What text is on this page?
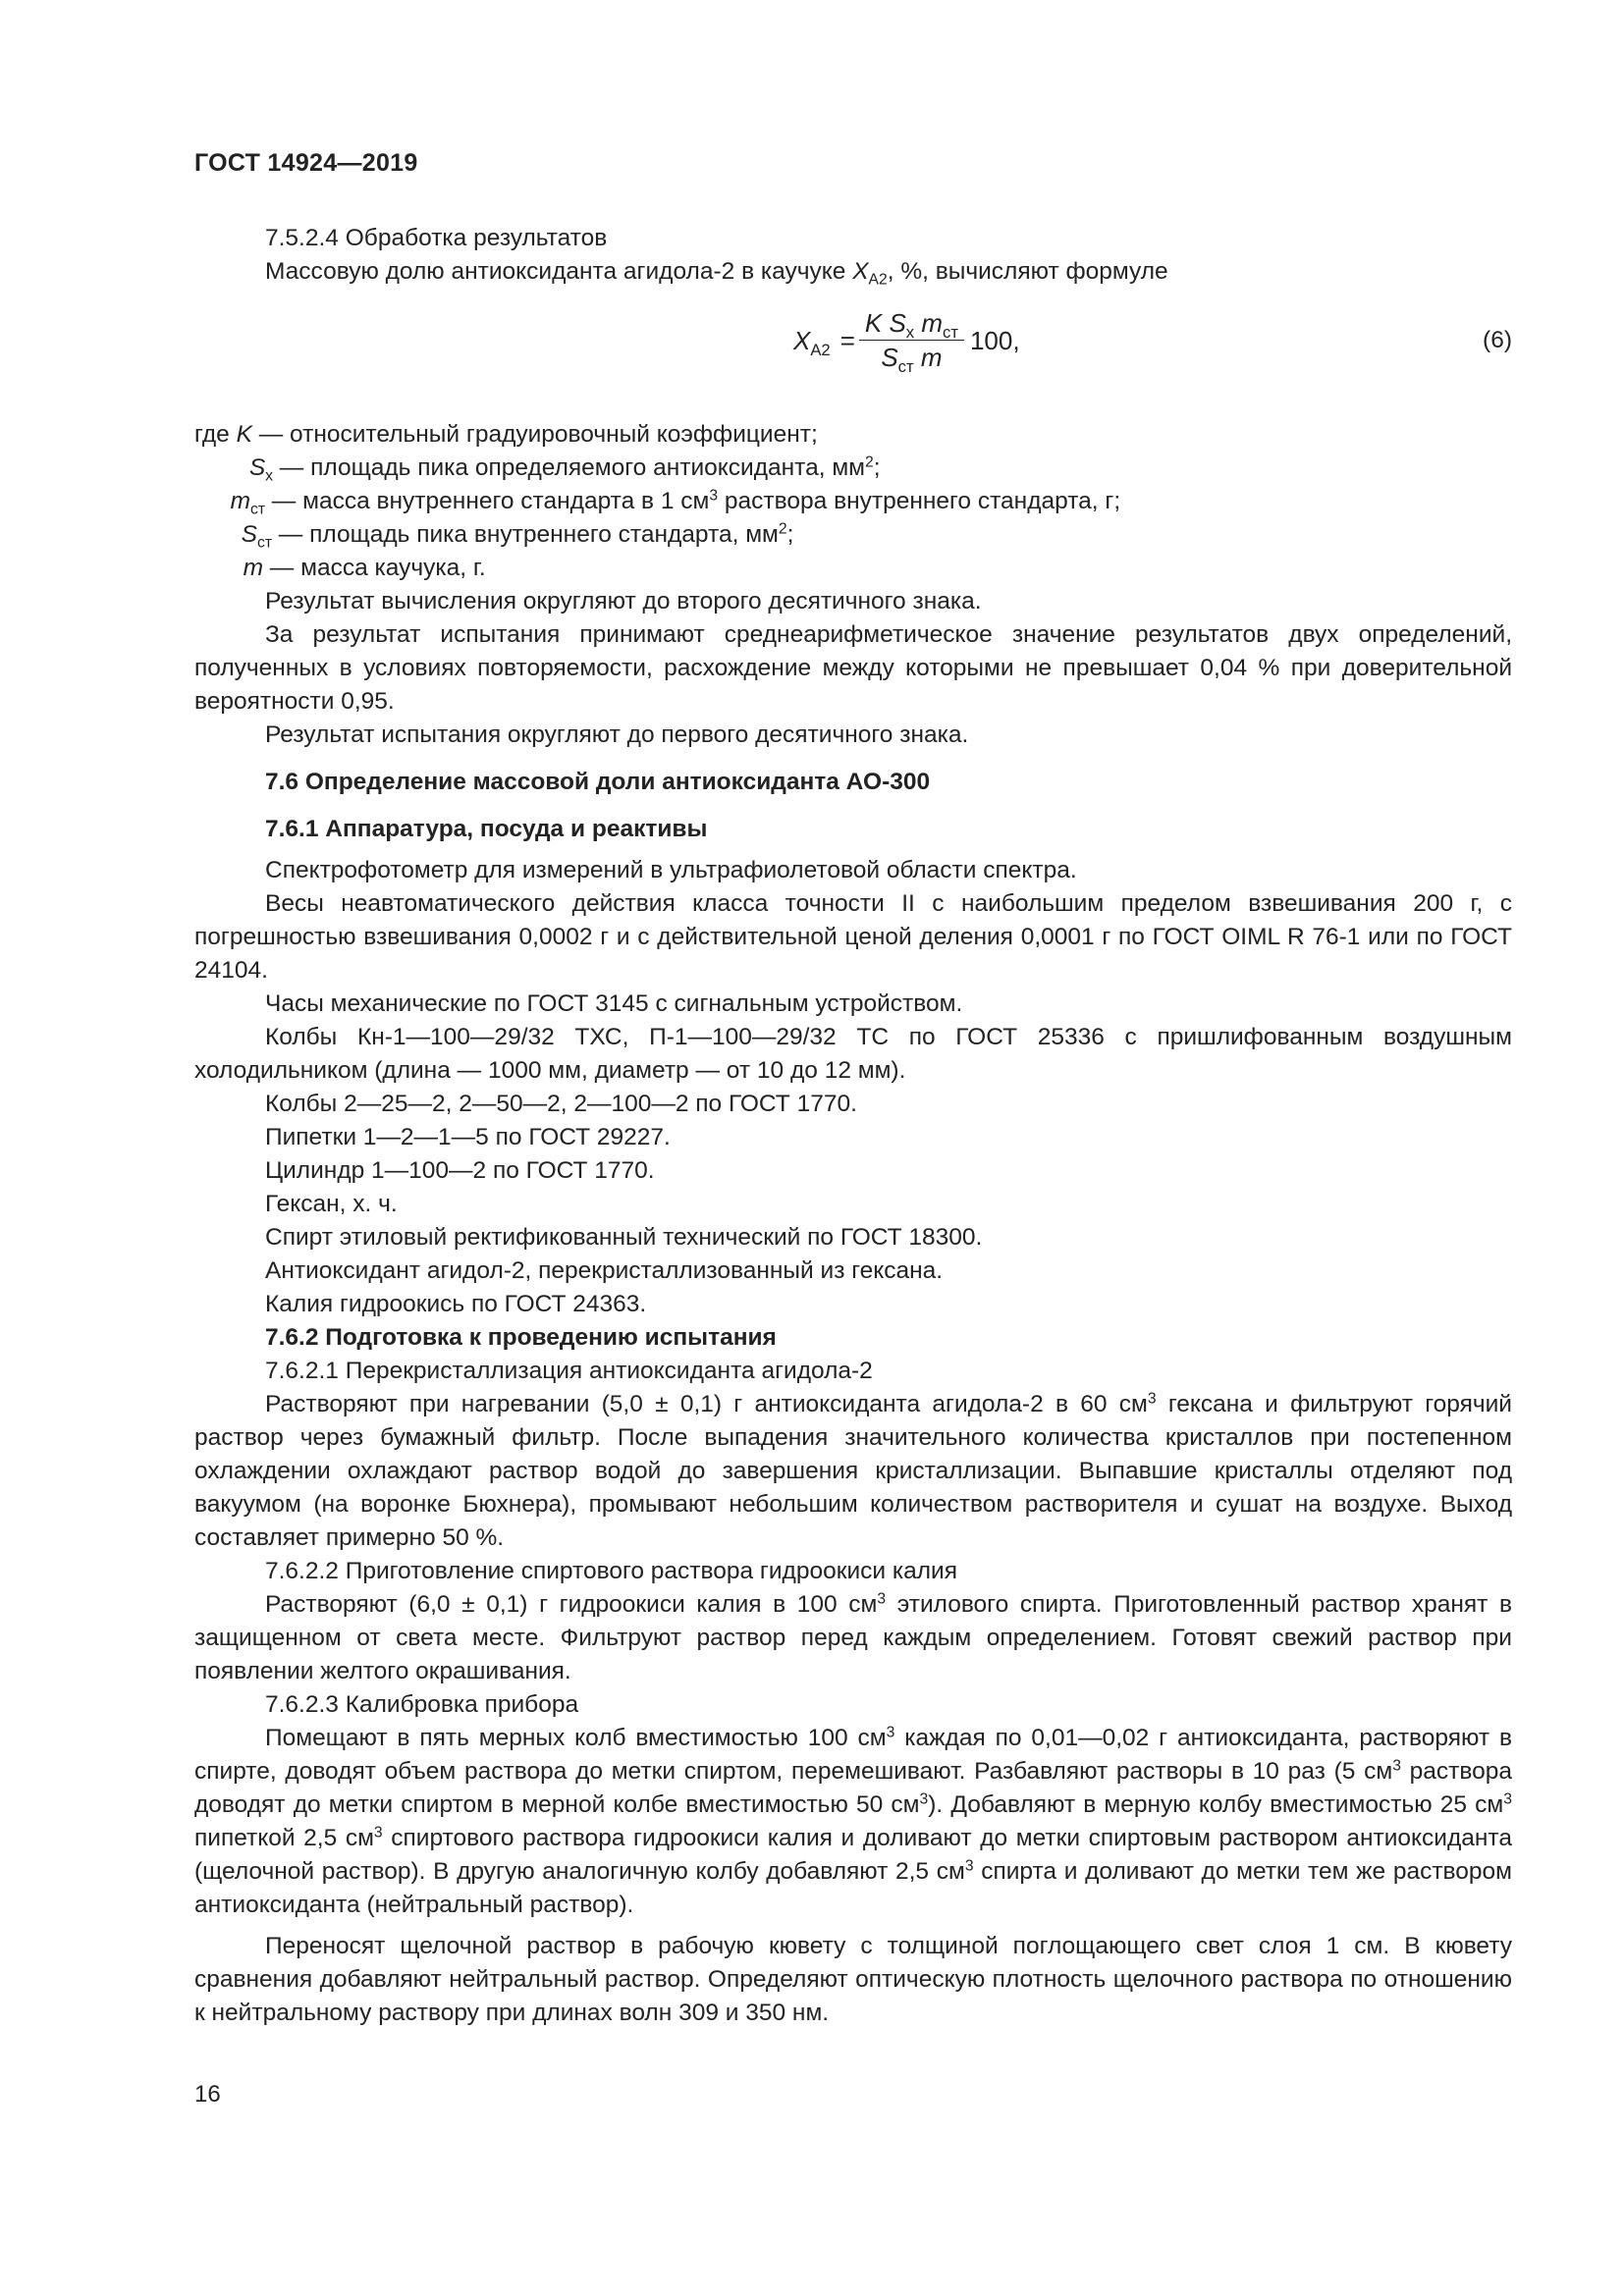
ГОСТ 14924—2019

7.5.2.4 Обработка результатов

Массовую долю антиоксиданта агидола-2 в каучуке $X_{A2}$, %, вычисляют формуле

$X_{A2} = \frac{K S_x m_{ст}}{S_{ст} m} 100$ ,	(6)

где K — относительный градуировочный коэффициент;

$S_x$ — площадь пика определяемого антиоксиданта, $мм^2$;

$m_{ст}$ — масса внутреннего стандарта в 1 $см^3$ раствора внутреннего стандарта, г;

$S_{ст}$ — площадь пика внутреннего стандарта, $мм^2$;

m — масса каучука, г.

Результат вычисления округляют до второго десятичного знака.

За результат испытания принимают среднеарифметическое значение результатов двух определений, полученных в условиях повторяемости, расхождение между которыми не превышает 0,04 % при доверительной вероятности 0,95.

Результат испытания округляют до первого десятичного знака.

7.6 Определение массовой доли антиоксиданта АО-300

7.6.1 Аппаратура, посуда и реактивы

Спектрофотометр для измерений в ультрафиолетовой области спектра.

Весы неавтоматического действия класса точности II с наибольшим пределом взвешивания 200 г, с погрешностью взвешивания 0,0002 г и с действительной ценой деления 0,0001 г по ГОСТ OIML R 76-1 или по ГОСТ 24104.

Часы механические по ГОСТ 3145 с сигнальным устройством.

Колбы Кн-1—100—29/32 ТХС, П-1—100—29/32 ТС по ГОСТ 25336 с пришлифованным воздушным холодильником (длина — 1000 мм, диаметр — от 10 до 12 мм).

Колбы 2—25—2, 2—50—2, 2—100—2 по ГОСТ 1770.

Пипетки 1—2—1—5 по ГОСТ 29227.

Цилиндр 1—100—2 по ГОСТ 1770.

Гексан, х. ч.

Спирт этиловый ректификованный технический по ГОСТ 18300.

Антиоксидант агидол-2, перекристаллизованный из гексана.

Калия гидроокись по ГОСТ 24363.

7.6.2 Подготовка к проведению испытания

7.6.2.1 Перекристаллизация антиоксиданта агидола-2

Растворяют при нагревании (5,0 ± 0,1) г антиоксиданта агидола-2 в 60 $см^3$ гексана и фильтруют горячий раствор через бумажный фильтр. После выпадения значительного количества кристаллов при постепенном охлаждении охлаждают раствор водой до завершения кристаллизации. Выпавшие кристаллы отделяют под вакуумом (на воронке Бюхнера), промывают небольшим количеством растворителя и сушат на воздухе. Выход составляет примерно 50 %.

7.6.2.2 Приготовление спиртового раствора гидроокиси калия

Растворяют (6,0 ± 0,1) г гидроокиси калия в 100 $см^3$ этилового спирта. Приготовленный раствор хранят в защищенном от света месте. Фильтруют раствор перед каждым определением. Готовят свежий раствор при появлении желтого окрашивания.

7.6.2.3 Калибровка прибора

Помещают в пять мерных колб вместимостью 100 $см^3$ каждая по 0,01—0,02 г антиоксиданта, растворяют в спирте, доводят объем раствора до метки спиртом, перемешивают. Разбавляют растворы в 10 раз (5 $см^3$ раствора доводят до метки спиртом в мерной колбе вместимостью 50 $см^3$). Добавляют в мерную колбу вместимостью 25 $см^3$ пипеткой 2,5 $см^3$ спиртового раствора гидроокиси калия и доливают до метки спиртовым раствором антиоксиданта (щелочной раствор). В другую аналогичную колбу добавляют 2,5 $см^3$ спирта и доливают до метки тем же раствором антиоксиданта (нейтральный раствор).

Переносят щелочной раствор в рабочую кювету с толщиной поглощающего свет слоя 1 см. В кювету сравнения добавляют нейтральный раствор. Определяют оптическую плотность щелочного раствора по отношению к нейтральному раствору при длинах волн 309 и 350 нм.

16
